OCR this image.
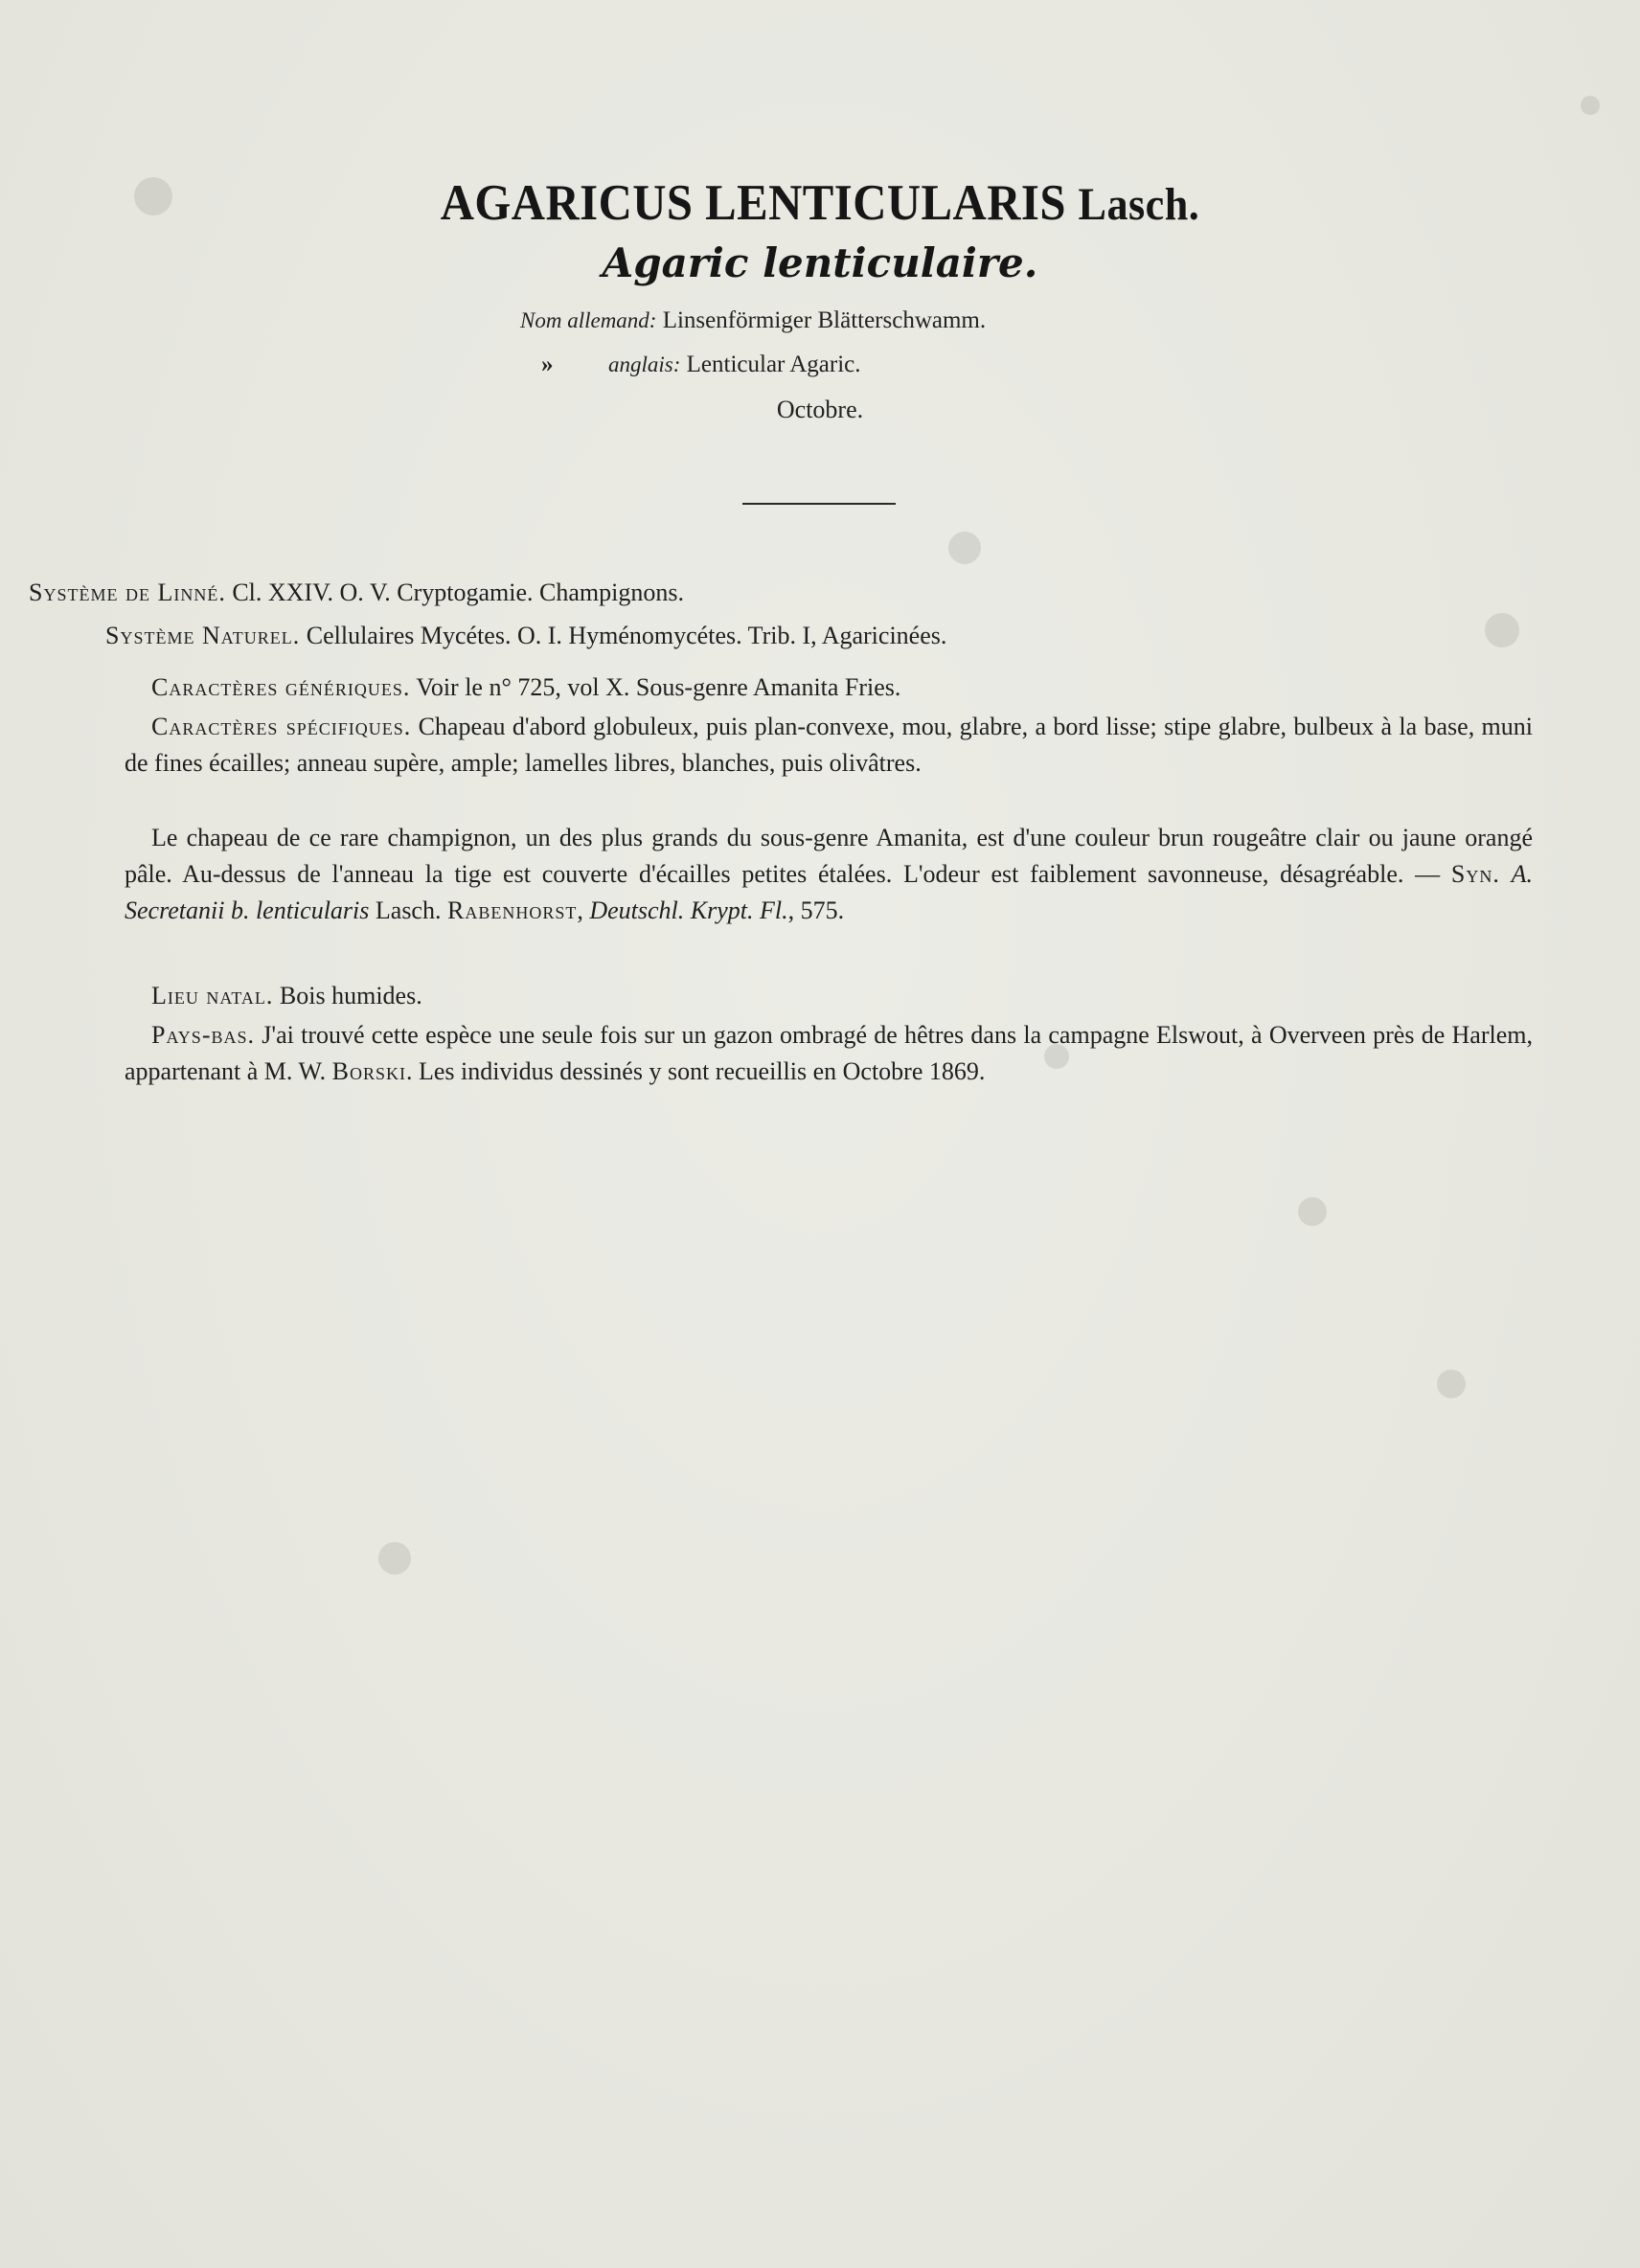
AGARICUS LENTICULARIS Lasch.
Agaric lenticulaire.
Nom allemand: Linsenförmiger Blätterschwamm.
»	anglais: Lenticular Agaric.
Octobre.
Système de Linné. Cl. XXIV. O. V. Cryptogamie. Champignons.
Système Naturel. Cellulaires Mycétes. O. I. Hyménomycétes. Trib. I, Agaricinées.
Caractères génériques. Voir le n° 725, vol X. Sous-genre Amanita Fries.
Caractères spécifiques. Chapeau d'abord globuleux, puis plan-convexe, mou, glabre, a bord lisse; stipe glabre, bulbeux à la base, muni de fines écailles; anneau supère, ample; lamelles libres, blanches, puis olivâtres.
Le chapeau de ce rare champignon, un des plus grands du sous-genre Amanita, est d'une couleur brun rougeâtre clair ou jaune orangé pâle. Au-dessus de l'anneau la tige est couverte d'écailles petites étalées. L'odeur est faiblement savonneuse, désagréable. — Syn. A. Secretanii b. lenticularis Lasch. Rabenhorst, Deutschl. Krypt. Fl., 575.
Lieu natal. Bois humides.
Pays-bas. J'ai trouvé cette espèce une seule fois sur un gazon ombragé de hêtres dans la campagne Elswout, à Overveen près de Harlem, appartenant à M. W. Borski. Les individus dessinés y sont recueillis en Octobre 1869.
